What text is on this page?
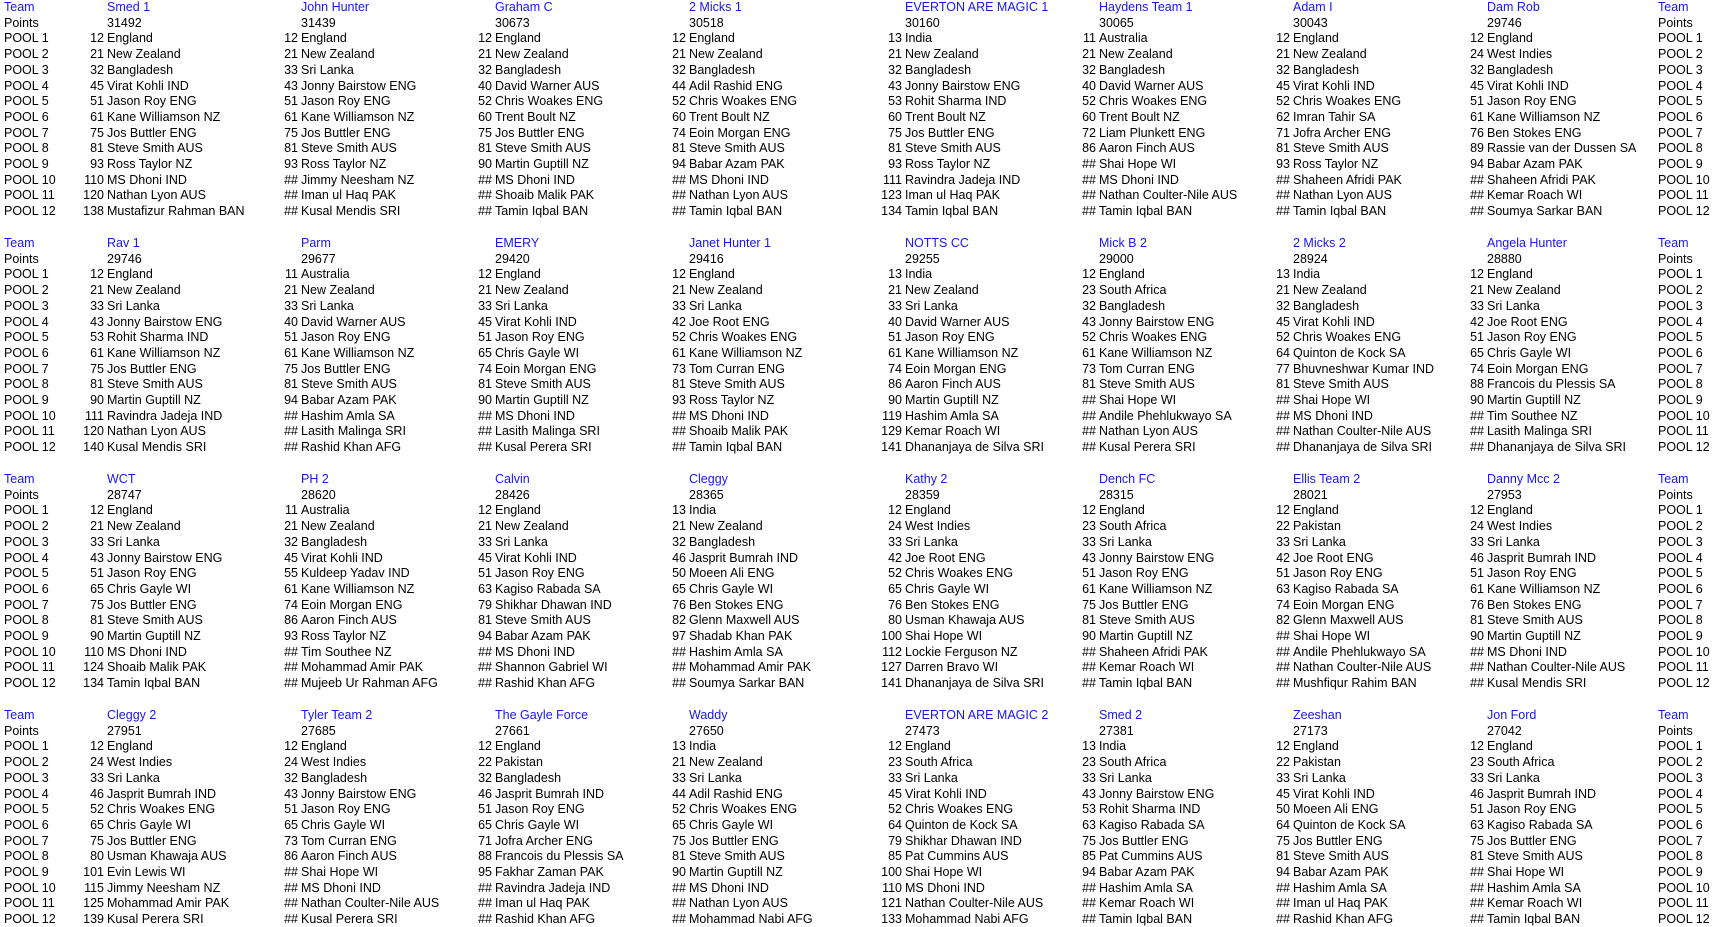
Team	Smed 1	John Hunter	Graham C	2 Micks 1	EVERTON ARE MAGIC 1	Haydens Team 1	Adam I	Dam Rob	Team
Points	31492	31439	30673	30518	30160	30065	30043	29746	Points
POOL 1	12 England	12 England	12 England	12 England	13 India	11 Australia	12 England	12 England	POOL 1
POOL 2	21 New Zealand	21 New Zealand	21 New Zealand	21 New Zealand	21 New Zealand	21 New Zealand	21 New Zealand	24 West Indies	POOL 2
POOL 3	32 Bangladesh	33 Sri Lanka	32 Bangladesh	32 Bangladesh	32 Bangladesh	32 Bangladesh	32 Bangladesh	32 Bangladesh	POOL 3
POOL 4	45 Virat Kohli IND	43 Jonny Bairstow ENG	40 David Warner AUS	44 Adil Rashid ENG	43 Jonny Bairstow ENG	40 David Warner AUS	45 Virat Kohli IND	45 Virat Kohli IND	POOL 4
POOL 5	51 Jason Roy ENG	51 Jason Roy ENG	52 Chris Woakes ENG	52 Chris Woakes ENG	53 Rohit Sharma IND	52 Chris Woakes ENG	52 Chris Woakes ENG	51 Jason Roy ENG	POOL 5
POOL 6	61 Kane Williamson NZ	61 Kane Williamson NZ	60 Trent Boult NZ	60 Trent Boult NZ	60 Trent Boult NZ	60 Trent Boult NZ	62 Imran Tahir SA	61 Kane Williamson NZ	POOL 6
POOL 7	75 Jos Buttler ENG	75 Jos Buttler ENG	75 Jos Buttler ENG	74 Eoin Morgan ENG	75 Jos Buttler ENG	72 Liam Plunkett ENG	71 Jofra Archer ENG	76 Ben Stokes ENG	POOL 7
POOL 8	81 Steve Smith AUS	81 Steve Smith AUS	81 Steve Smith AUS	81 Steve Smith AUS	81 Steve Smith AUS	86 Aaron Finch AUS	81 Steve Smith AUS	89 Rassie van der Dussen SA	POOL 8
POOL 9	93 Ross Taylor NZ	93 Ross Taylor NZ	90 Martin Guptill NZ	94 Babar Azam PAK	93 Ross Taylor NZ	## Shai Hope WI	93 Ross Taylor NZ	94 Babar Azam PAK	POOL 9
POOL 10	110 MS Dhoni IND	## Jimmy Neesham NZ	## MS Dhoni IND	## MS Dhoni IND	111 Ravindra Jadeja IND	## MS Dhoni IND	## Shaheen Afridi PAK	## Shaheen Afridi PAK	POOL 10
POOL 11	120 Nathan Lyon AUS	## Iman ul Haq PAK	## Shoaib Malik PAK	## Nathan Lyon AUS	123 Iman ul Haq PAK	## Nathan Coulter-Nile AUS	## Nathan Lyon AUS	## Kemar Roach WI	POOL 11
POOL 12	138 Mustafizur Rahman BAN	## Kusal Mendis SRI	## Tamin Iqbal BAN	## Tamin Iqbal BAN	134 Tamin Iqbal BAN	## Tamin Iqbal BAN	## Tamin Iqbal BAN	## Soumya Sarkar BAN	POOL 12
Team	Rav 1	Parm	EMERY	Janet Hunter 1	NOTTS CC	Mick B 2	2 Micks 2	Angela Hunter	Team
Points	29746	29677	29420	29416	29255	29000	28924	28880	Points
POOL 1	12 England	11 Australia	12 England	12 England	13 India	12 England	13 India	12 England	POOL 1
POOL 2	21 New Zealand	21 New Zealand	21 New Zealand	21 New Zealand	21 New Zealand	23 South Africa	21 New Zealand	21 New Zealand	POOL 2
POOL 3	33 Sri Lanka	33 Sri Lanka	33 Sri Lanka	33 Sri Lanka	33 Sri Lanka	32 Bangladesh	32 Bangladesh	33 Sri Lanka	POOL 3
POOL 4	43 Jonny Bairstow ENG	40 David Warner AUS	45 Virat Kohli IND	42 Joe Root ENG	40 David Warner AUS	43 Jonny Bairstow ENG	45 Virat Kohli IND	42 Joe Root ENG	POOL 4
POOL 5	53 Rohit Sharma IND	51 Jason Roy ENG	51 Jason Roy ENG	52 Chris Woakes ENG	51 Jason Roy ENG	52 Chris Woakes ENG	52 Chris Woakes ENG	51 Jason Roy ENG	POOL 5
POOL 6	61 Kane Williamson NZ	61 Kane Williamson NZ	65 Chris Gayle WI	61 Kane Williamson NZ	61 Kane Williamson NZ	61 Kane Williamson NZ	64 Quinton de Kock SA	65 Chris Gayle WI	POOL 6
POOL 7	75 Jos Buttler ENG	75 Jos Buttler ENG	74 Eoin Morgan ENG	73 Tom Curran ENG	74 Eoin Morgan ENG	73 Tom Curran ENG	77 Bhuvneshwar Kumar IND	74 Eoin Morgan ENG	POOL 7
POOL 8	81 Steve Smith AUS	81 Steve Smith AUS	81 Steve Smith AUS	81 Steve Smith AUS	86 Aaron Finch AUS	81 Steve Smith AUS	81 Steve Smith AUS	88 Francois du Plessis SA	POOL 8
POOL 9	90 Martin Guptill NZ	94 Babar Azam PAK	90 Martin Guptill NZ	93 Ross Taylor NZ	90 Martin Guptill NZ	## Shai Hope WI	## Shai Hope WI	90 Martin Guptill NZ	POOL 9
POOL 10	111 Ravindra Jadeja IND	## Hashim Amla SA	## MS Dhoni IND	## MS Dhoni IND	119 Hashim Amla SA	## Andile Phehlukwayo SA	## MS Dhoni IND	## Tim Southee NZ	POOL 10
POOL 11	120 Nathan Lyon AUS	## Lasith Malinga SRI	## Lasith Malinga SRI	## Shoaib Malik PAK	129 Kemar Roach WI	## Nathan Lyon AUS	## Nathan Coulter-Nile AUS	## Lasith Malinga SRI	POOL 11
POOL 12	140 Kusal Mendis SRI	## Rashid Khan AFG	## Kusal Perera SRI	## Tamin Iqbal BAN	141 Dhananjaya de Silva SRI	## Kusal Perera SRI	## Dhananjaya de Silva SRI	## Dhananjaya de Silva SRI	POOL 12
Team	WCT	PH 2	Calvin	Cleggy	Kathy 2	Dench FC	Ellis Team 2	Danny Mcc 2	Team
Points	28747	28620	28426	28365	28359	28315	28021	27953	Points
POOL 1	12 England	11 Australia	12 England	13 India	12 England	12 England	12 England	12 England	POOL 1
POOL 2	21 New Zealand	21 New Zealand	21 New Zealand	21 New Zealand	24 West Indies	23 South Africa	22 Pakistan	24 West Indies	POOL 2
POOL 3	33 Sri Lanka	32 Bangladesh	33 Sri Lanka	32 Bangladesh	33 Sri Lanka	33 Sri Lanka	33 Sri Lanka	33 Sri Lanka	POOL 3
POOL 4	43 Jonny Bairstow ENG	45 Virat Kohli IND	45 Virat Kohli IND	46 Jasprit Bumrah IND	42 Joe Root ENG	43 Jonny Bairstow ENG	42 Joe Root ENG	46 Jasprit Bumrah IND	POOL 4
POOL 5	51 Jason Roy ENG	55 Kuldeep Yadav IND	51 Jason Roy ENG	50 Moeen Ali ENG	52 Chris Woakes ENG	51 Jason Roy ENG	51 Jason Roy ENG	51 Jason Roy ENG	POOL 5
POOL 6	65 Chris Gayle WI	61 Kane Williamson NZ	63 Kagiso Rabada SA	65 Chris Gayle WI	65 Chris Gayle WI	61 Kane Williamson NZ	63 Kagiso Rabada SA	61 Kane Williamson NZ	POOL 6
POOL 7	75 Jos Buttler ENG	74 Eoin Morgan ENG	79 Shikhar Dhawan IND	76 Ben Stokes ENG	76 Ben Stokes ENG	75 Jos Buttler ENG	74 Eoin Morgan ENG	76 Ben Stokes ENG	POOL 7
POOL 8	81 Steve Smith AUS	86 Aaron Finch AUS	81 Steve Smith AUS	82 Glenn Maxwell AUS	80 Usman Khawaja AUS	81 Steve Smith AUS	82 Glenn Maxwell AUS	81 Steve Smith AUS	POOL 8
POOL 9	90 Martin Guptill NZ	93 Ross Taylor NZ	94 Babar Azam PAK	97 Shadab Khan PAK	100 Shai Hope WI	90 Martin Guptill NZ	## Shai Hope WI	90 Martin Guptill NZ	POOL 9
POOL 10	110 MS Dhoni IND	## Tim Southee NZ	## MS Dhoni IND	## Hashim Amla SA	112 Lockie Ferguson NZ	## Shaheen Afridi PAK	## Andile Phehlukwayo SA	## MS Dhoni IND	POOL 10
POOL 11	124 Shoaib Malik PAK	## Mohammad Amir PAK	## Shannon Gabriel WI	## Mohammad Amir PAK	127 Darren Bravo WI	## Kemar Roach WI	## Nathan Coulter-Nile AUS	## Nathan Coulter-Nile AUS	POOL 11
POOL 12	134 Tamin Iqbal BAN	## Mujeeb Ur Rahman AFG	## Rashid Khan AFG	## Soumya Sarkar BAN	141 Dhananjaya de Silva SRI	## Tamin Iqbal BAN	## Mushfiqur Rahim BAN	## Kusal Mendis SRI	POOL 12
Team	Cleggy 2	Tyler Team 2	The Gayle Force	Waddy	EVERTON ARE MAGIC 2	Smed 2	Zeeshan	Jon Ford	Team
Points	27951	27685	27661	27650	27473	27381	27173	27042	Points
POOL 1	12 England	12 England	12 England	13 India	12 England	13 India	12 England	12 England	POOL 1
POOL 2	24 West Indies	24 West Indies	22 Pakistan	21 New Zealand	23 South Africa	23 South Africa	22 Pakistan	23 South Africa	POOL 2
POOL 3	33 Sri Lanka	32 Bangladesh	32 Bangladesh	33 Sri Lanka	33 Sri Lanka	33 Sri Lanka	33 Sri Lanka	33 Sri Lanka	POOL 3
POOL 4	46 Jasprit Bumrah IND	43 Jonny Bairstow ENG	46 Jasprit Bumrah IND	44 Adil Rashid ENG	45 Virat Kohli IND	43 Jonny Bairstow ENG	45 Virat Kohli IND	46 Jasprit Bumrah IND	POOL 4
POOL 5	52 Chris Woakes ENG	51 Jason Roy ENG	51 Jason Roy ENG	52 Chris Woakes ENG	52 Chris Woakes ENG	53 Rohit Sharma IND	50 Moeen Ali ENG	51 Jason Roy ENG	POOL 5
POOL 6	65 Chris Gayle WI	65 Chris Gayle WI	65 Chris Gayle WI	65 Chris Gayle WI	64 Quinton de Kock SA	63 Kagiso Rabada SA	64 Quinton de Kock SA	63 Kagiso Rabada SA	POOL 6
POOL 7	75 Jos Buttler ENG	73 Tom Curran ENG	71 Jofra Archer ENG	75 Jos Buttler ENG	79 Shikhar Dhawan IND	75 Jos Buttler ENG	75 Jos Buttler ENG	75 Jos Buttler ENG	POOL 7
POOL 8	80 Usman Khawaja AUS	86 Aaron Finch AUS	88 Francois du Plessis SA	81 Steve Smith AUS	85 Pat Cummins AUS	85 Pat Cummins AUS	81 Steve Smith AUS	81 Steve Smith AUS	POOL 8
POOL 9	101 Evin Lewis WI	## Shai Hope WI	95 Fakhar Zaman PAK	90 Martin Guptill NZ	100 Shai Hope WI	94 Babar Azam PAK	94 Babar Azam PAK	## Shai Hope WI	POOL 9
POOL 10	115 Jimmy Neesham NZ	## MS Dhoni IND	## Ravindra Jadeja IND	## MS Dhoni IND	110 MS Dhoni IND	## Hashim Amla SA	## Hashim Amla SA	## Hashim Amla SA	POOL 10
POOL 11	125 Mohammad Amir PAK	## Nathan Coulter-Nile AUS	## Iman ul Haq PAK	## Nathan Lyon AUS	121 Nathan Coulter-Nile AUS	## Kemar Roach WI	## Iman ul Haq PAK	## Kemar Roach WI	POOL 11
POOL 12	139 Kusal Perera SRI	## Kusal Perera SRI	## Rashid Khan AFG	## Mohammad Nabi AFG	133 Mohammad Nabi AFG	## Tamin Iqbal BAN	## Rashid Khan AFG	## Tamin Iqbal BAN	POOL 12
